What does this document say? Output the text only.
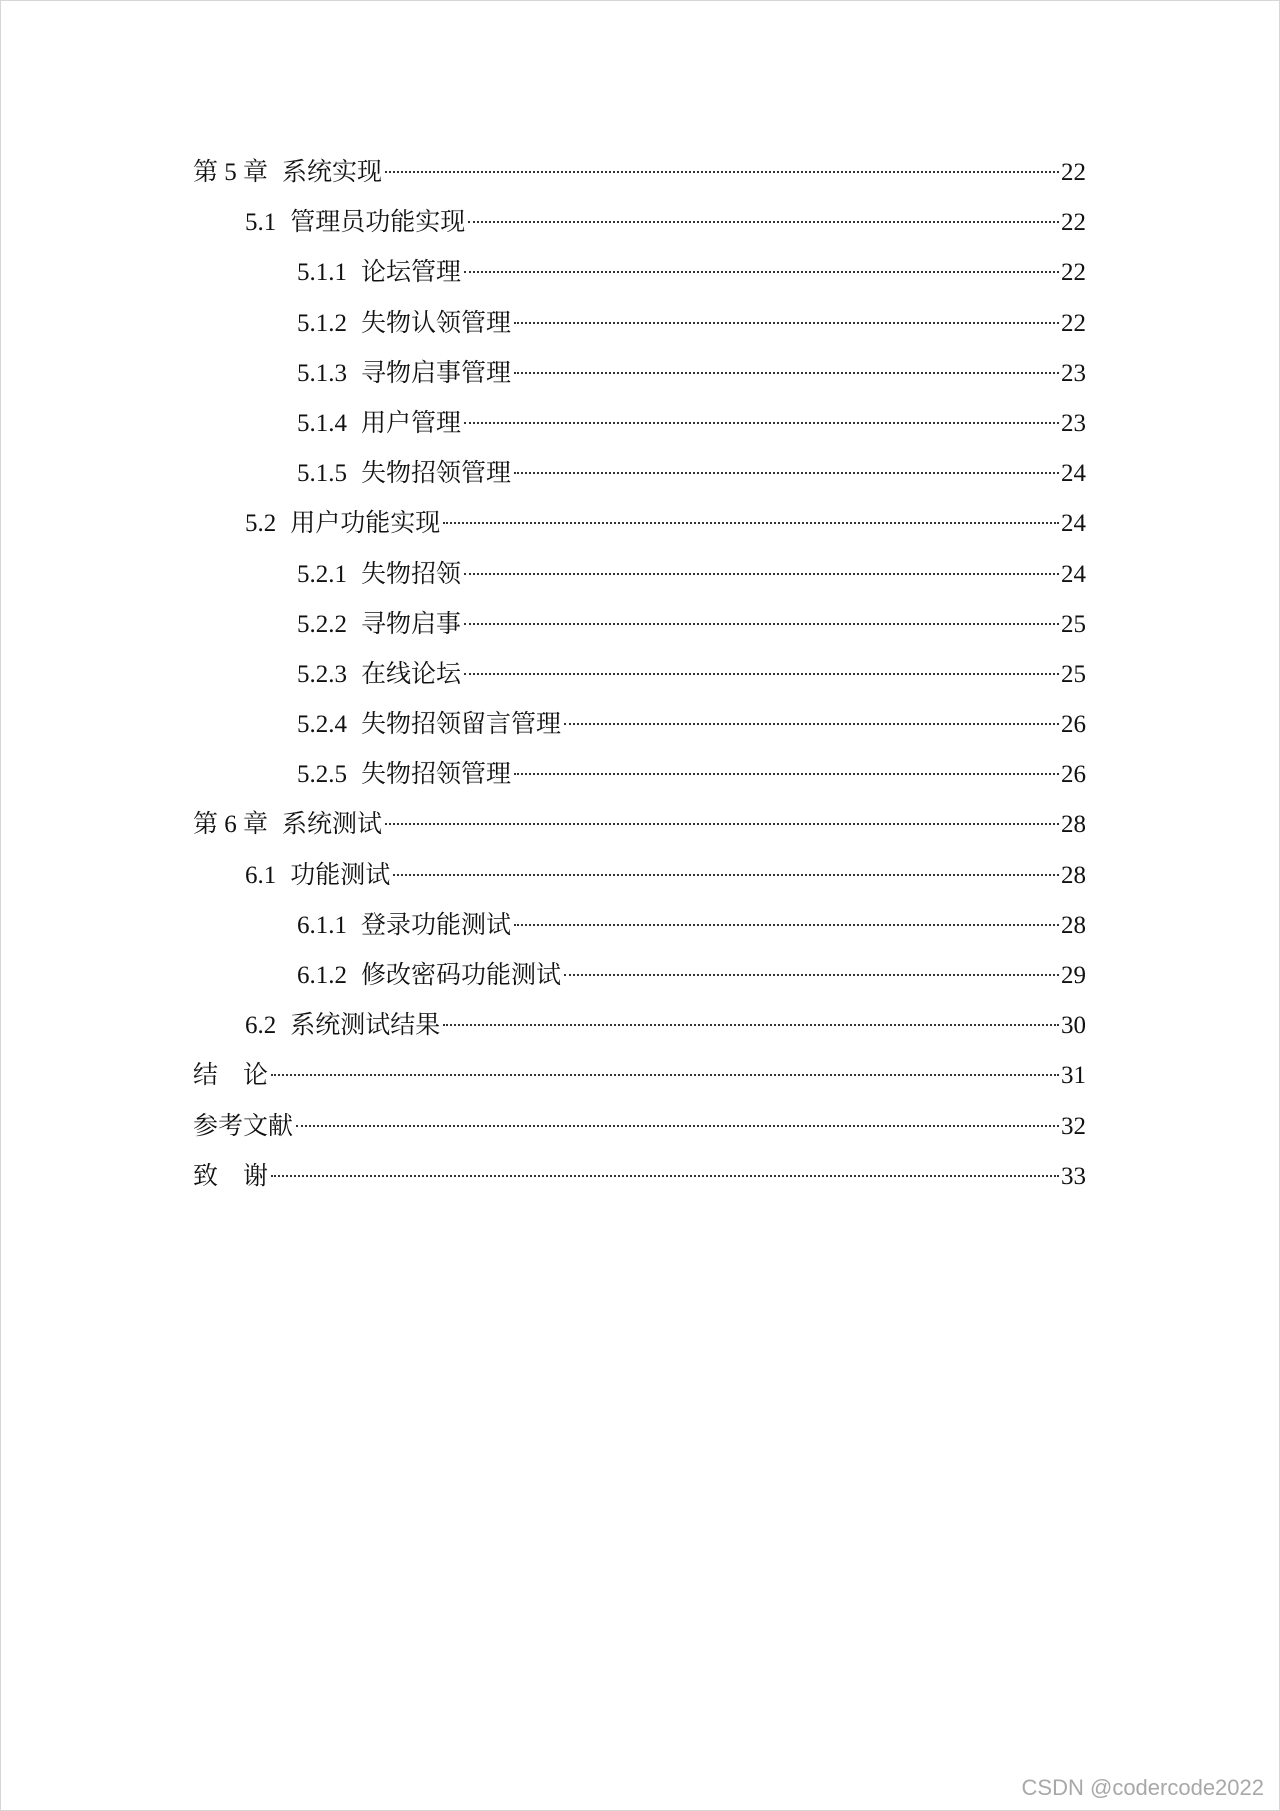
第 5 章 系统实现	22
5.1 管理员功能实现	22
5.1.1 论坛管理	22
5.1.2 失物认领管理	22
5.1.3 寻物启事管理	23
5.1.4 用户管理	23
5.1.5 失物招领管理	24
5.2 用户功能实现	24
5.2.1 失物招领	24
5.2.2 寻物启事	25
5.2.3 在线论坛	25
5.2.4 失物招领留言管理	26
5.2.5 失物招领管理	26
第 6 章 系统测试	28
6.1 功能测试	28
6.1.1 登录功能测试	28
6.1.2 修改密码功能测试	29
6.2 系统测试结果	30
结　论	31
参考文献	32
致　谢	33
CSDN @codercode2022
